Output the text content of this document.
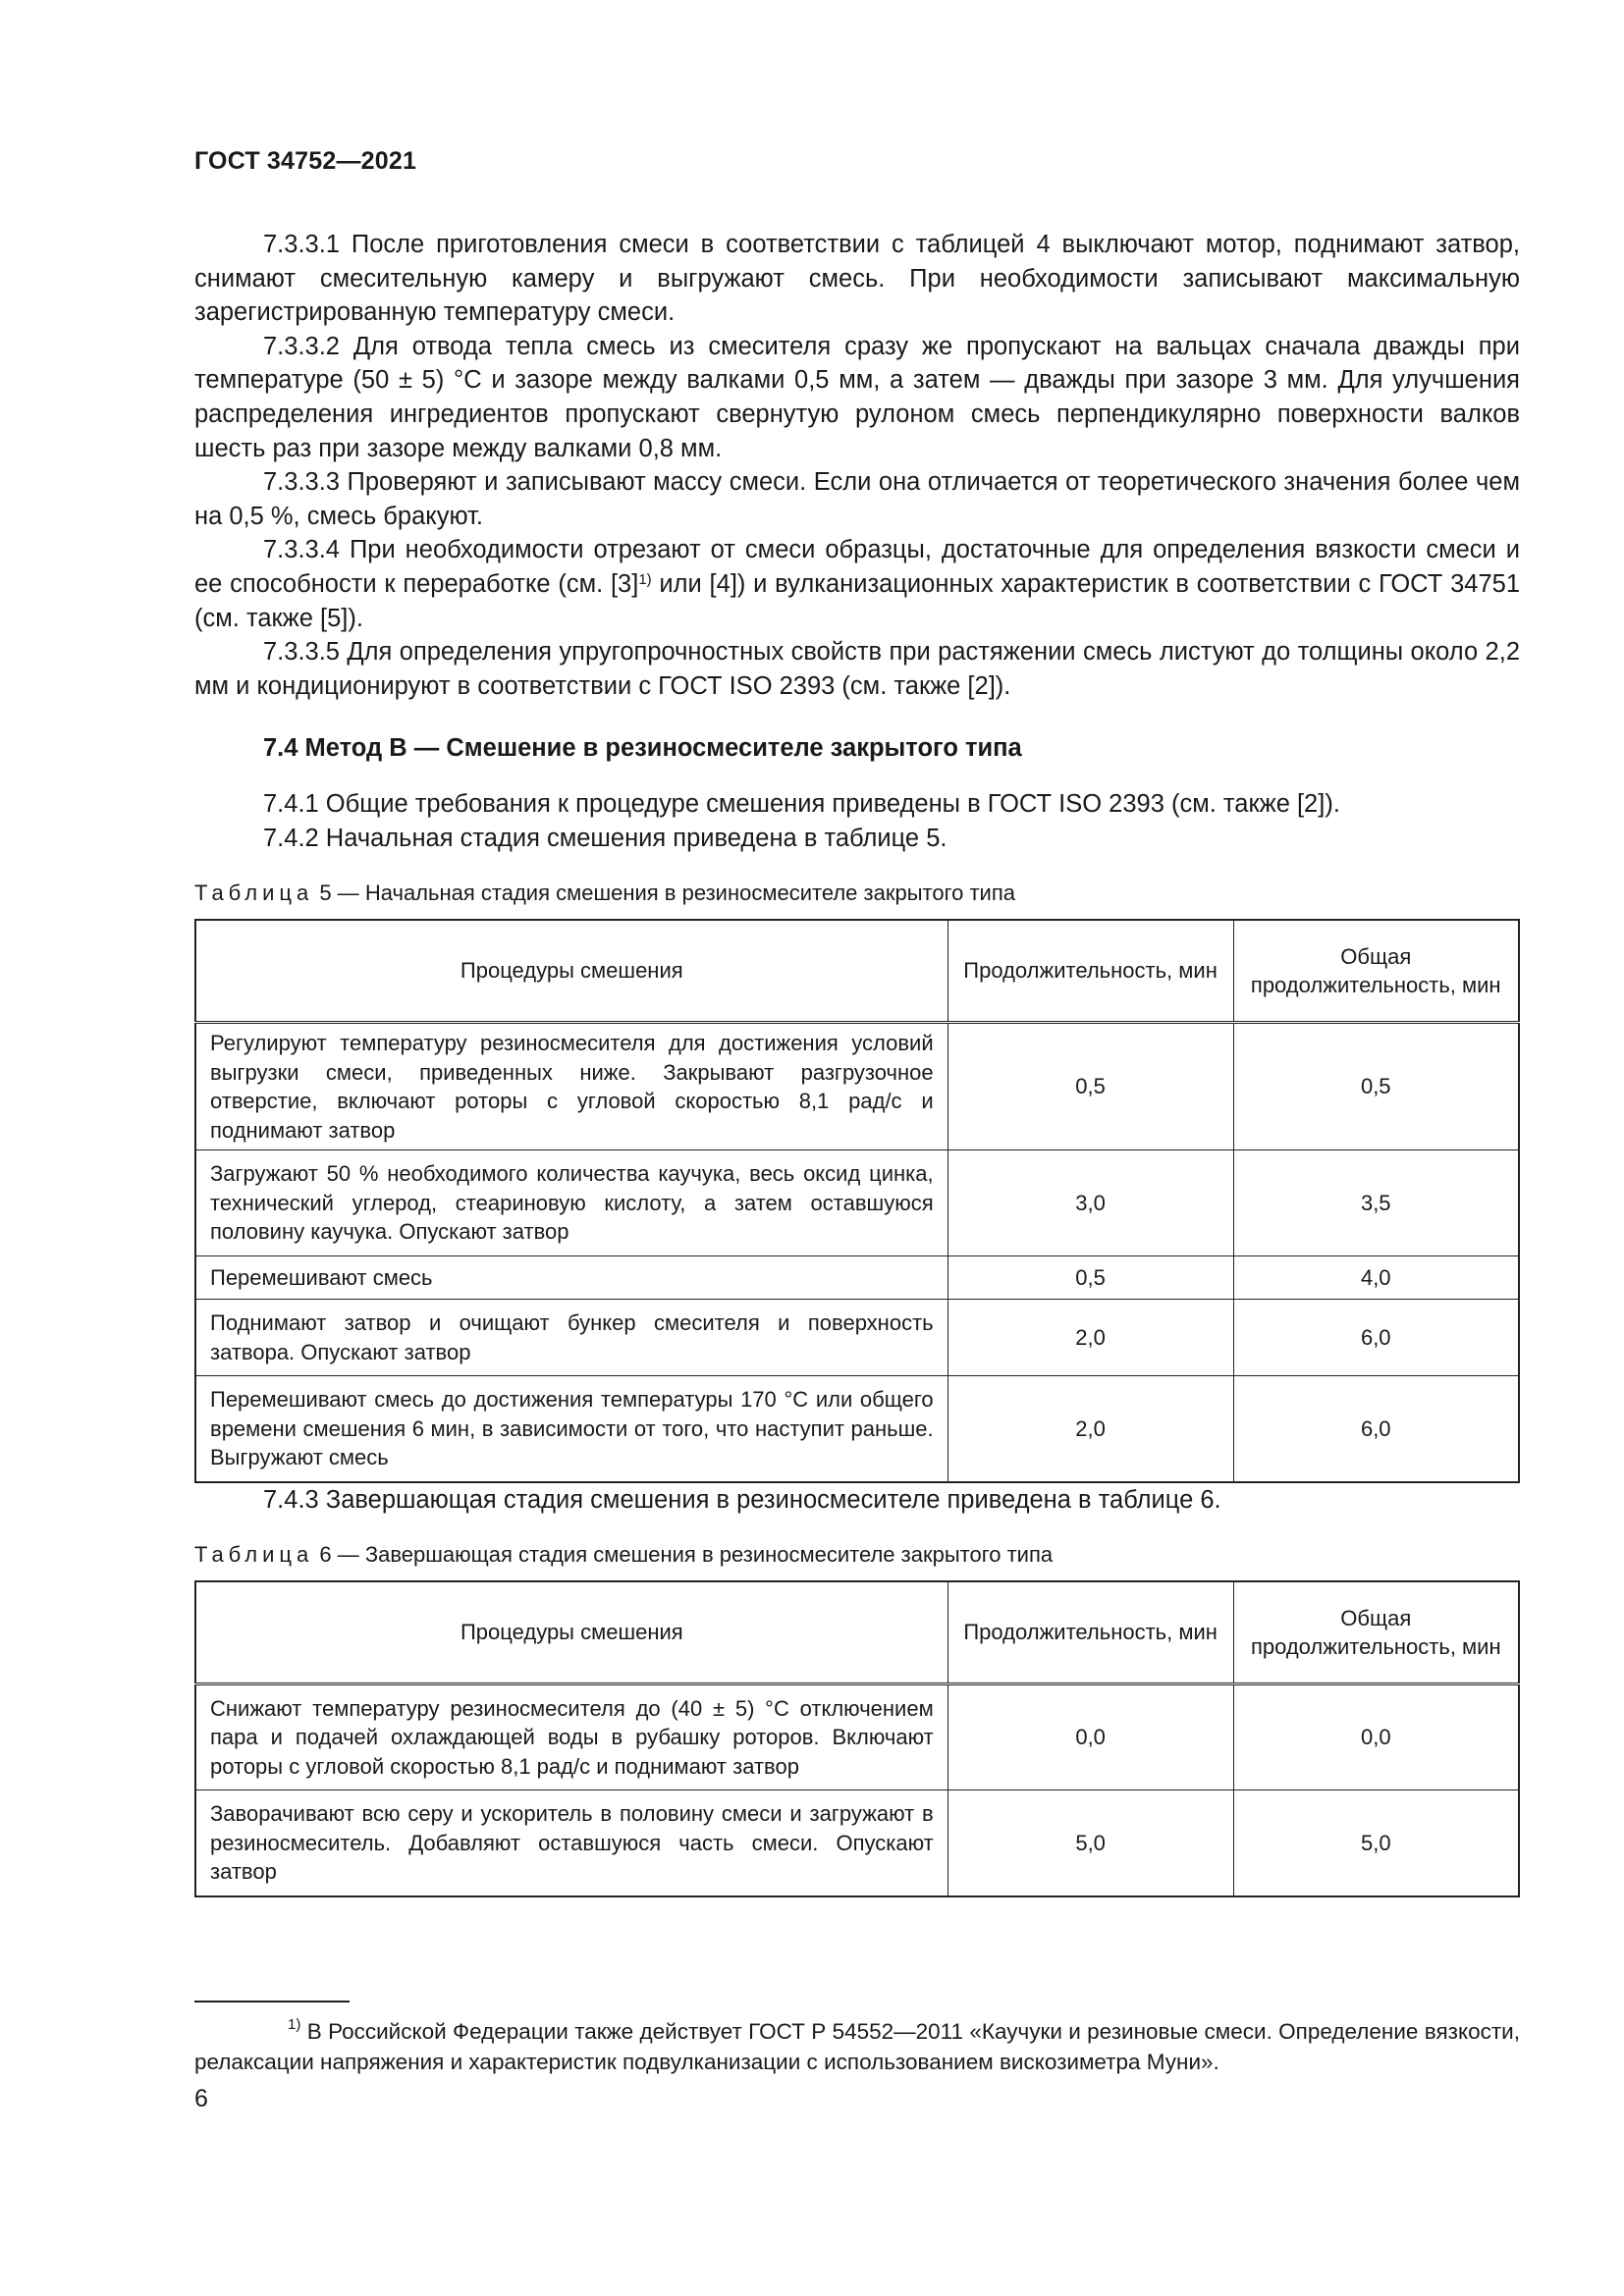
ГОСТ 34752—2021

7.3.3.1 После приготовления смеси в соответствии с таблицей 4 выключают мотор, поднимают затвор, снимают смесительную камеру и выгружают смесь. При необходимости записывают максимальную зарегистрированную температуру смеси.

7.3.3.2 Для отвода тепла смесь из смесителя сразу же пропускают на вальцах сначала дважды при температуре (50 ± 5) °С и зазоре между валками 0,5 мм, а затем — дважды при зазоре 3 мм. Для улучшения распределения ингредиентов пропускают свернутую рулоном смесь перпендикулярно поверхности валков шесть раз при зазоре между валками 0,8 мм.

7.3.3.3 Проверяют и записывают массу смеси. Если она отличается от теоретического значения более чем на 0,5 %, смесь бракуют.

7.3.3.4 При необходимости отрезают от смеси образцы, достаточные для определения вязкости смеси и ее способности к переработке (см. $[3]^{1)}$ или [4]) и вулканизационных характеристик в соответствии с ГОСТ 34751 (см. также [5]).

7.3.3.5 Для определения упругопрочностных свойств при растяжении смесь листуют до толщины около 2,2 мм и кондиционируют в соответствии с ГОСТ ISO 2393 (см. также [2]).

7.4 Метод В — Смешение в резиносмесителе закрытого типа

7.4.1 Общие требования к процедуре смешения приведены в ГОСТ ISO 2393 (см. также [2]).

7.4.2 Начальная стадия смешения приведена в таблице 5.

Таблица 5 — Начальная стадия смешения в резиносмесителе закрытого типа
Процедуры смешения	Продолжительность, мин	Общая продолжительность, мин
Регулируют температуру резиносмесителя для достижения условий выгрузки смеси, приведенных ниже. Закрывают разгрузочное отверстие, включают роторы с угловой скоростью 8,1 рад/с и поднимают затвор	0,5	0,5
Загружают 50 % необходимого количества каучука, весь оксид цинка, технический углерод, стеариновую кислоту, а затем оставшуюся половину каучука. Опускают затвор	3,0	3,5
Перемешивают смесь	0,5	4,0
Поднимают затвор и очищают бункер смесителя и поверхность затвора. Опускают затвор	2,0	6,0
Перемешивают смесь до достижения температуры 170 °С или общего времени смешения 6 мин, в зависимости от того, что наступит раньше. Выгружают смесь	2,0	6,0

7.4.3 Завершающая стадия смешения в резиносмесителе приведена в таблице 6.

Таблица 6 — Завершающая стадия смешения в резиносмесителе закрытого типа
Процедуры смешения	Продолжительность, мин	Общая продолжительность, мин
Снижают температуру резиносмесителя до (40 ± 5) °С отключением пара и подачей охлаждающей воды в рубашку роторов. Включают роторы с угловой скоростью 8,1 рад/с и поднимают затвор	0,0	0,0
Заворачивают всю серу и ускоритель в половину смеси и загружают в резиносмеситель. Добавляют оставшуюся часть смеси. Опускают затвор	5,0	5,0
$^{1)}$ В Российской Федерации также действует ГОСТ Р 54552—2011 «Каучуки и резиновые смеси. Определение вязкости, релаксации напряжения и характеристик подвулканизации с использованием вискозиметра Муни».
6
